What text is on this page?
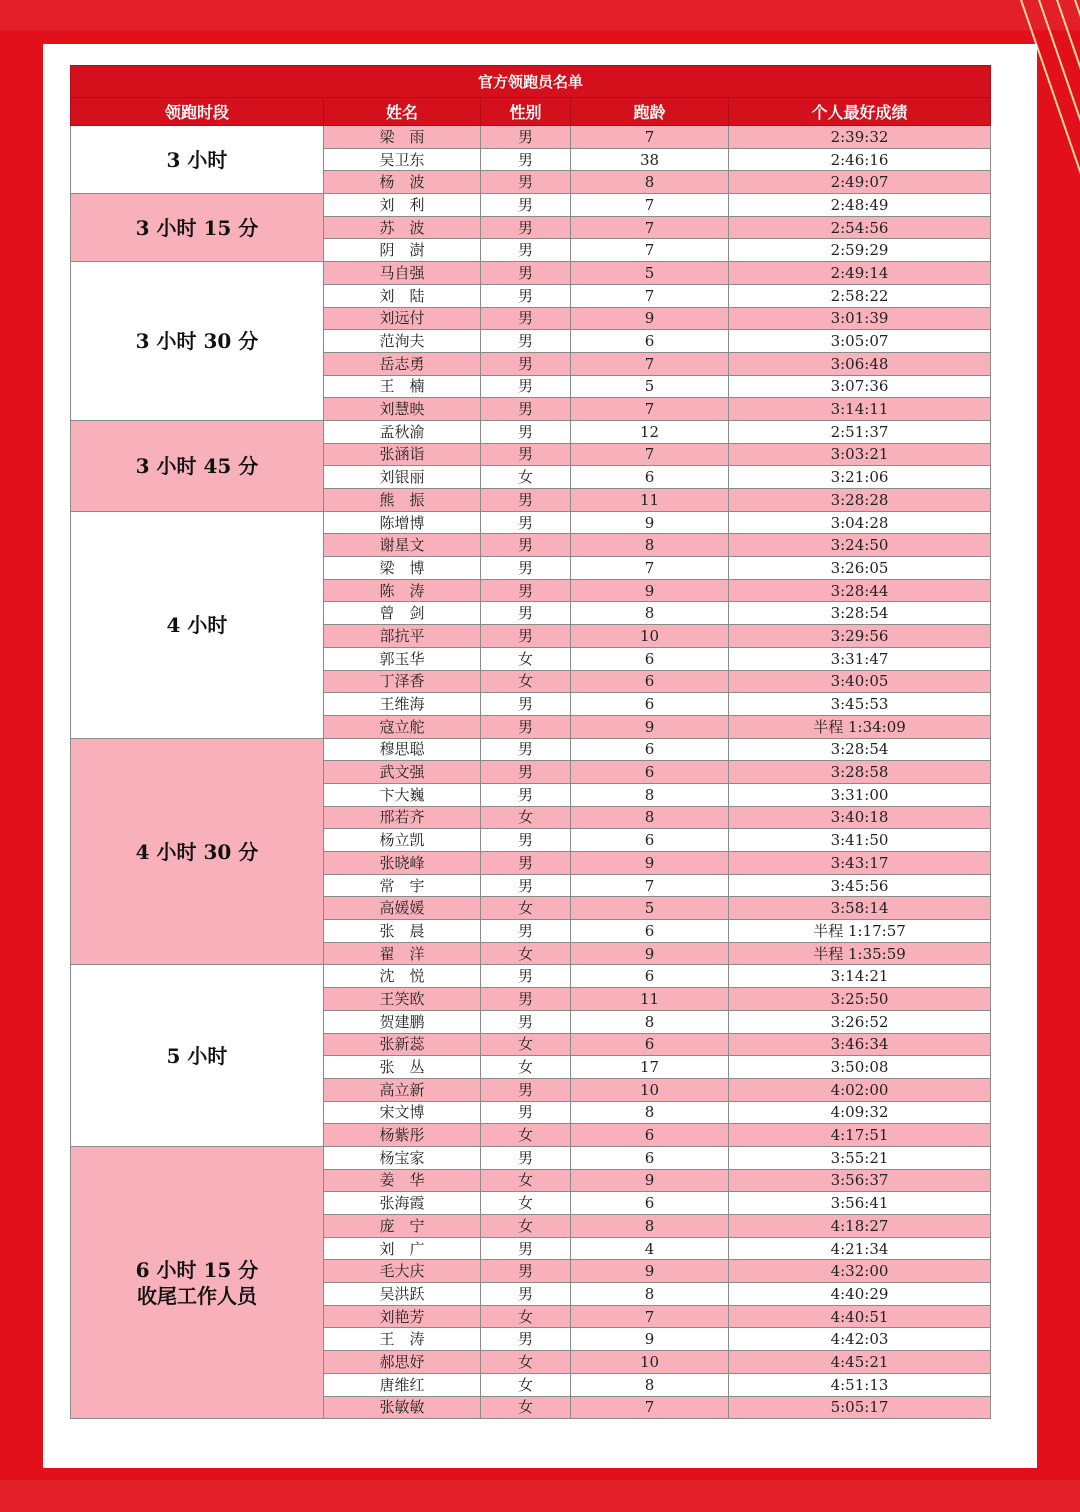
官方领跑员名单				
领跑时段	姓名	性别	跑龄	个人最好成绩

3 小时	梁　雨	男	7	2:39:32
	吴卫东	男	38	2:46:16
	杨　波	男	8	2:49:07

3 小时 15 分	刘　利	男	7	2:48:49
	苏　波	男	7	2:54:56
	阴　澍	男	7	2:59:29

3 小时 30 分	马自强	男	5	2:49:14
	刘　陆	男	7	2:58:22
	刘远付	男	9	3:01:39
	范洵夫	男	6	3:05:07
	岳志勇	男	7	3:06:48
	王　楠	男	5	3:07:36
	刘慧映	男	7	3:14:11

3 小时 45 分	孟秋渝	男	12	2:51:37
	张涵诣	男	7	3:03:21
	刘银丽	女	6	3:21:06
	熊　振	男	11	3:28:28

4 小时	陈增博	男	9	3:04:28
	谢星文	男	8	3:24:50
	梁　博	男	7	3:26:05
	陈　涛	男	9	3:28:44
	曾　剑	男	8	3:28:54
	部抗平	男	10	3:29:56
	郭玉华	女	6	3:31:47
	丁泽香	女	6	3:40:05
	王维海	男	6	3:45:53
	寇立舵	男	9	半程 1:34:09

4 小时 30 分	穆思聪	男	6	3:28:54
	武文强	男	6	3:28:58
	卞大巍	男	8	3:31:00
	邢若齐	女	8	3:40:18
	杨立凯	男	6	3:41:50
	张晓峰	男	9	3:43:17
	常　宇	男	7	3:45:56
	高媛媛	女	5	3:58:14
	张　晨	男	6	半程 1:17:57
	翟　洋	女	9	半程 1:35:59

5 小时	沈　悦	男	6	3:14:21
	王笑欧	男	11	3:25:50
	贺建鹏	男	8	3:26:52
	张新蕊	女	6	3:46:34
	张　丛	女	17	3:50:08
	高立新	男	10	4:02:00
	宋文博	男	8	4:09:32
	杨紫彤	女	6	4:17:51

6 小时 15 分
收尾工作人员	杨宝家	男	6	3:55:21
	姜　华	女	9	3:56:37
	张海霞	女	6	3:56:41
	庞　宁	女	8	4:18:27
	刘　广	男	4	4:21:34
	毛大庆	男	9	4:32:00
	吴洪跃	男	8	4:40:29
	刘艳芳	女	7	4:40:51
	王　涛	男	9	4:42:03
	郝思妤	女	10	4:45:21
	唐维红	女	8	4:51:13
	张敏敏	女	7	5:05:17
